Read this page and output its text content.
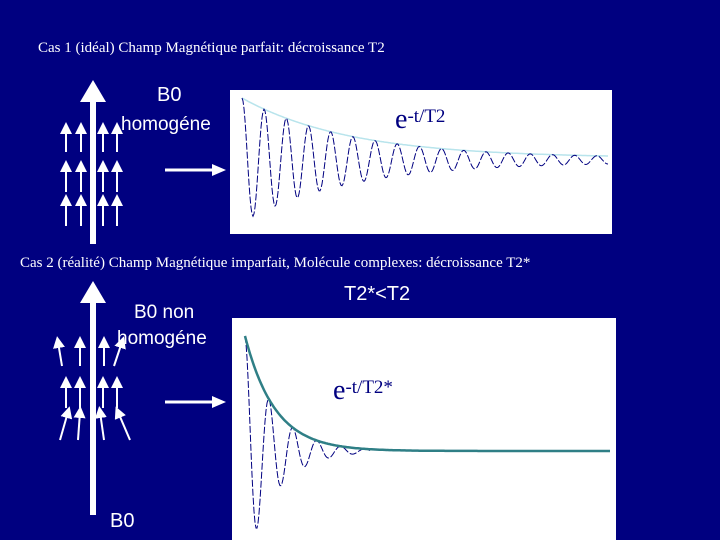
Cas 1 (idéal) Champ Magnétique parfait: décroissance T2
B0
homogéne
Cas 2 (réalité) Champ Magnétique imparfait, Molécule complexes: décroissance T2*
T2*<T2
B0 non
homogéne
B0
$e^{-t/T2}$
$e^{-t/T2*}$
